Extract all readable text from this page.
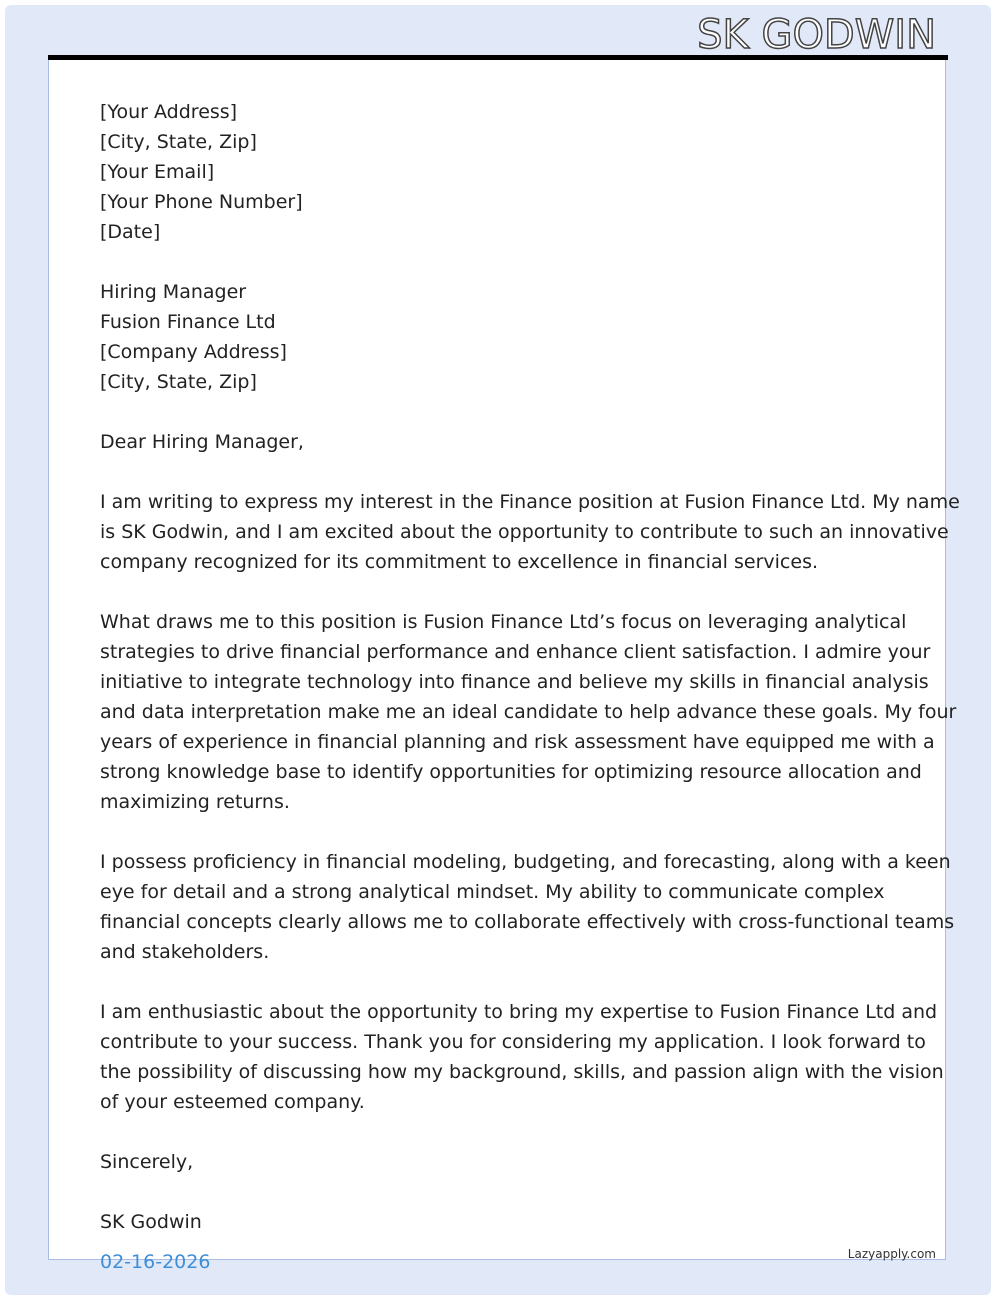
SK GODWIN
[Your Address]
[City, State, Zip]
[Your Email]
[Your Phone Number]
[Date]
Hiring Manager
Fusion Finance Ltd
[Company Address]
[City, State, Zip]
Dear Hiring Manager,
I am writing to express my interest in the Finance position at Fusion Finance Ltd. My name
is SK Godwin, and I am excited about the opportunity to contribute to such an innovative
company recognized for its commitment to excellence in financial services.
What draws me to this position is Fusion Finance Ltd’s focus on leveraging analytical
strategies to drive financial performance and enhance client satisfaction. I admire your
initiative to integrate technology into finance and believe my skills in financial analysis
and data interpretation make me an ideal candidate to help advance these goals. My four
years of experience in financial planning and risk assessment have equipped me with a
strong knowledge base to identify opportunities for optimizing resource allocation and
maximizing returns.
I possess proficiency in financial modeling, budgeting, and forecasting, along with a keen
eye for detail and a strong analytical mindset. My ability to communicate complex
financial concepts clearly allows me to collaborate effectively with cross-functional teams
and stakeholders.
I am enthusiastic about the opportunity to bring my expertise to Fusion Finance Ltd and
contribute to your success. Thank you for considering my application. I look forward to
the possibility of discussing how my background, skills, and passion align with the vision
of your esteemed company.
Sincerely,
SK Godwin
02-16-2026	Lazyapply.com
